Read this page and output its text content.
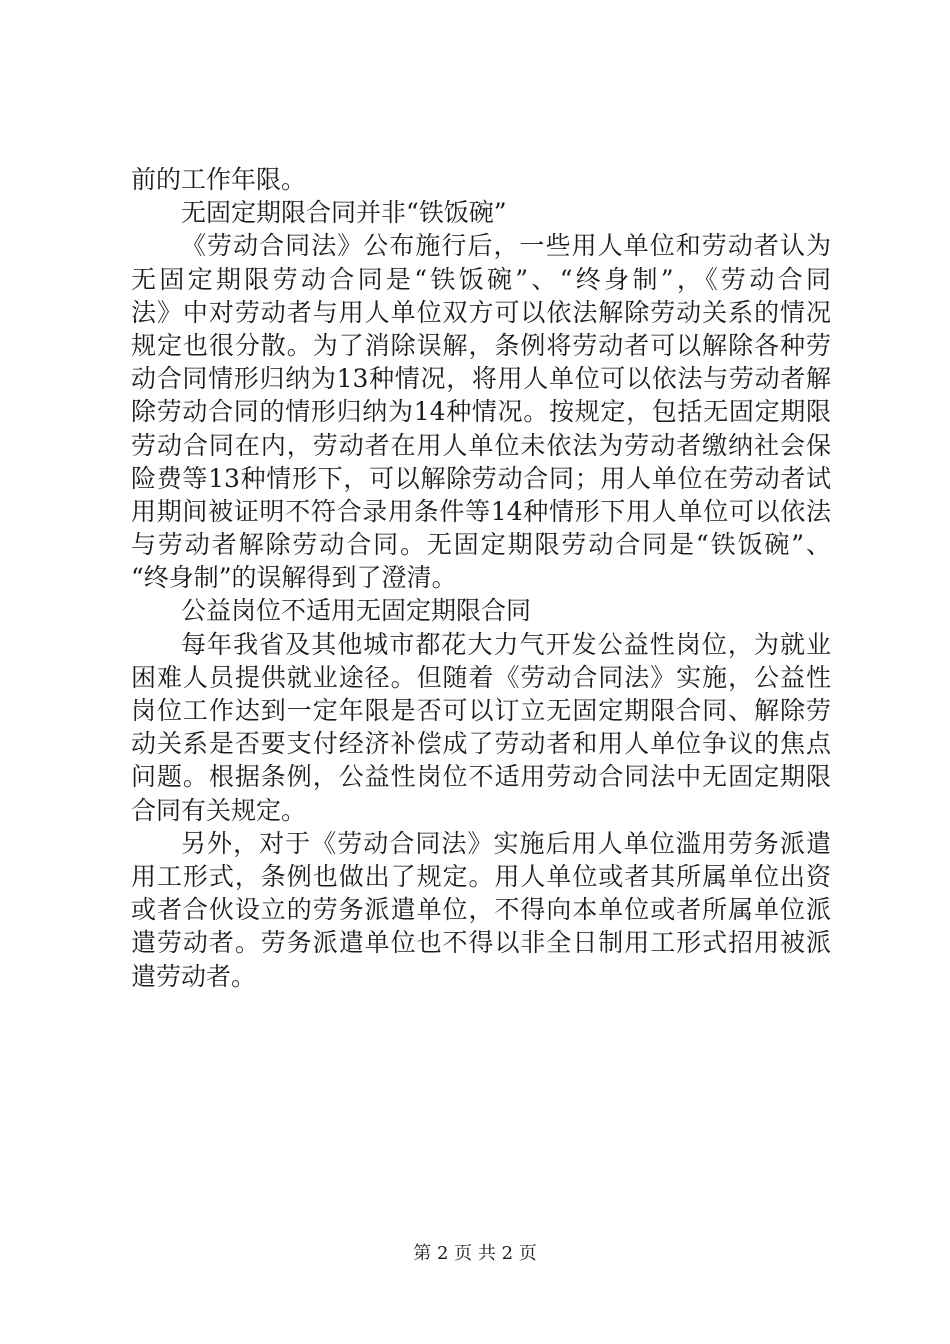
前的工作年限。
无固定期限合同并非“铁饭碗”
《劳动合同法》公布施行后，一些用人单位和劳动者认为
无固定期限劳动合同是“铁饭碗”、“终身制”，《劳动合同
法》中对劳动者与用人单位双方可以依法解除劳动关系的情况
规定也很分散。为了消除误解，条例将劳动者可以解除各种劳
动合同情形归纳为13种情况，将用人单位可以依法与劳动者解
除劳动合同的情形归纳为14种情况。按规定，包括无固定期限
劳动合同在内，劳动者在用人单位未依法为劳动者缴纳社会保
险费等13种情形下，可以解除劳动合同；用人单位在劳动者试
用期间被证明不符合录用条件等14种情形下用人单位可以依法
与劳动者解除劳动合同。无固定期限劳动合同是“铁饭碗”、
“终身制”的误解得到了澄清。
公益岗位不适用无固定期限合同
每年我省及其他城市都花大力气开发公益性岗位，为就业
困难人员提供就业途径。但随着《劳动合同法》实施，公益性
岗位工作达到一定年限是否可以订立无固定期限合同、解除劳
动关系是否要支付经济补偿成了劳动者和用人单位争议的焦点
问题。根据条例，公益性岗位不适用劳动合同法中无固定期限
合同有关规定。
另外，对于《劳动合同法》实施后用人单位滥用劳务派遣
用工形式，条例也做出了规定。用人单位或者其所属单位出资
或者合伙设立的劳务派遣单位，不得向本单位或者所属单位派
遣劳动者。劳务派遣单位也不得以非全日制用工形式招用被派
遣劳动者。
第 2 页 共 2 页
